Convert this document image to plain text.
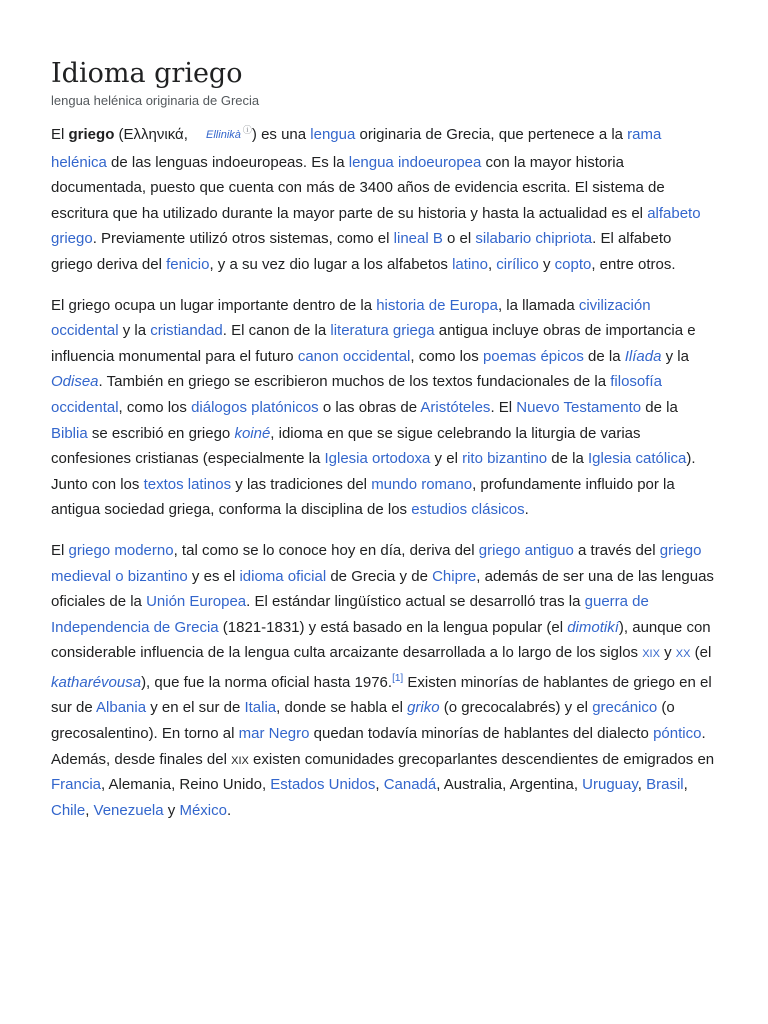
Idioma griego
lengua helénica originaria de Grecia

El griego (Ελληνικά, Ellinikà ⓘ) es una lengua originaria de Grecia, que pertenece a la rama helénica de las lenguas indoeuropeas. Es la lengua indoeuropea con la mayor historia documentada, puesto que cuenta con más de 3400 años de evidencia escrita. El sistema de escritura que ha utilizado durante la mayor parte de su historia y hasta la actualidad es el alfabeto griego. Previamente utilizó otros sistemas, como el lineal B o el silabario chipriota. El alfabeto griego deriva del fenicio, y a su vez dio lugar a los alfabetos latino, cirílico y copto, entre otros.

El griego ocupa un lugar importante dentro de la historia de Europa, la llamada civilización occidental y la cristiandad. El canon de la literatura griega antigua incluye obras de importancia e influencia monumental para el futuro canon occidental, como los poemas épicos de la Ilíada y la Odisea. También en griego se escribieron muchos de los textos fundacionales de la filosofía occidental, como los diálogos platónicos o las obras de Aristóteles. El Nuevo Testamento de la Biblia se escribió en griego koiné, idioma en que se sigue celebrando la liturgia de varias confesiones cristianas (especialmente la Iglesia ortodoxa y el rito bizantino de la Iglesia católica). Junto con los textos latinos y las tradiciones del mundo romano, profundamente influido por la antigua sociedad griega, conforma la disciplina de los estudios clásicos.

El griego moderno, tal como se lo conoce hoy en día, deriva del griego antiguo a través del griego medieval o bizantino y es el idioma oficial de Grecia y de Chipre, además de ser una de las lenguas oficiales de la Unión Europea. El estándar lingüístico actual se desarrolló tras la guerra de Independencia de Grecia (1821-1831) y está basado en la lengua popular (el dimotikí), aunque con considerable influencia de la lengua culta arcaizante desarrollada a lo largo de los siglos xix y xx (el katharévousa), que fue la norma oficial hasta 1976.[1] Existen minorías de hablantes de griego en el sur de Albania y en el sur de Italia, donde se habla el griko (o grecocalabrés) y el grecánico (o grecosalentino). En torno al mar Negro quedan todavía minorías de hablantes del dialecto póntico. Además, desde finales del xix existen comunidades grecoparlantes descendientes de emigrados en Francia, Alemania, Reino Unido, Estados Unidos, Canadá, Australia, Argentina, Uruguay, Brasil, Chile, Venezuela y México.
